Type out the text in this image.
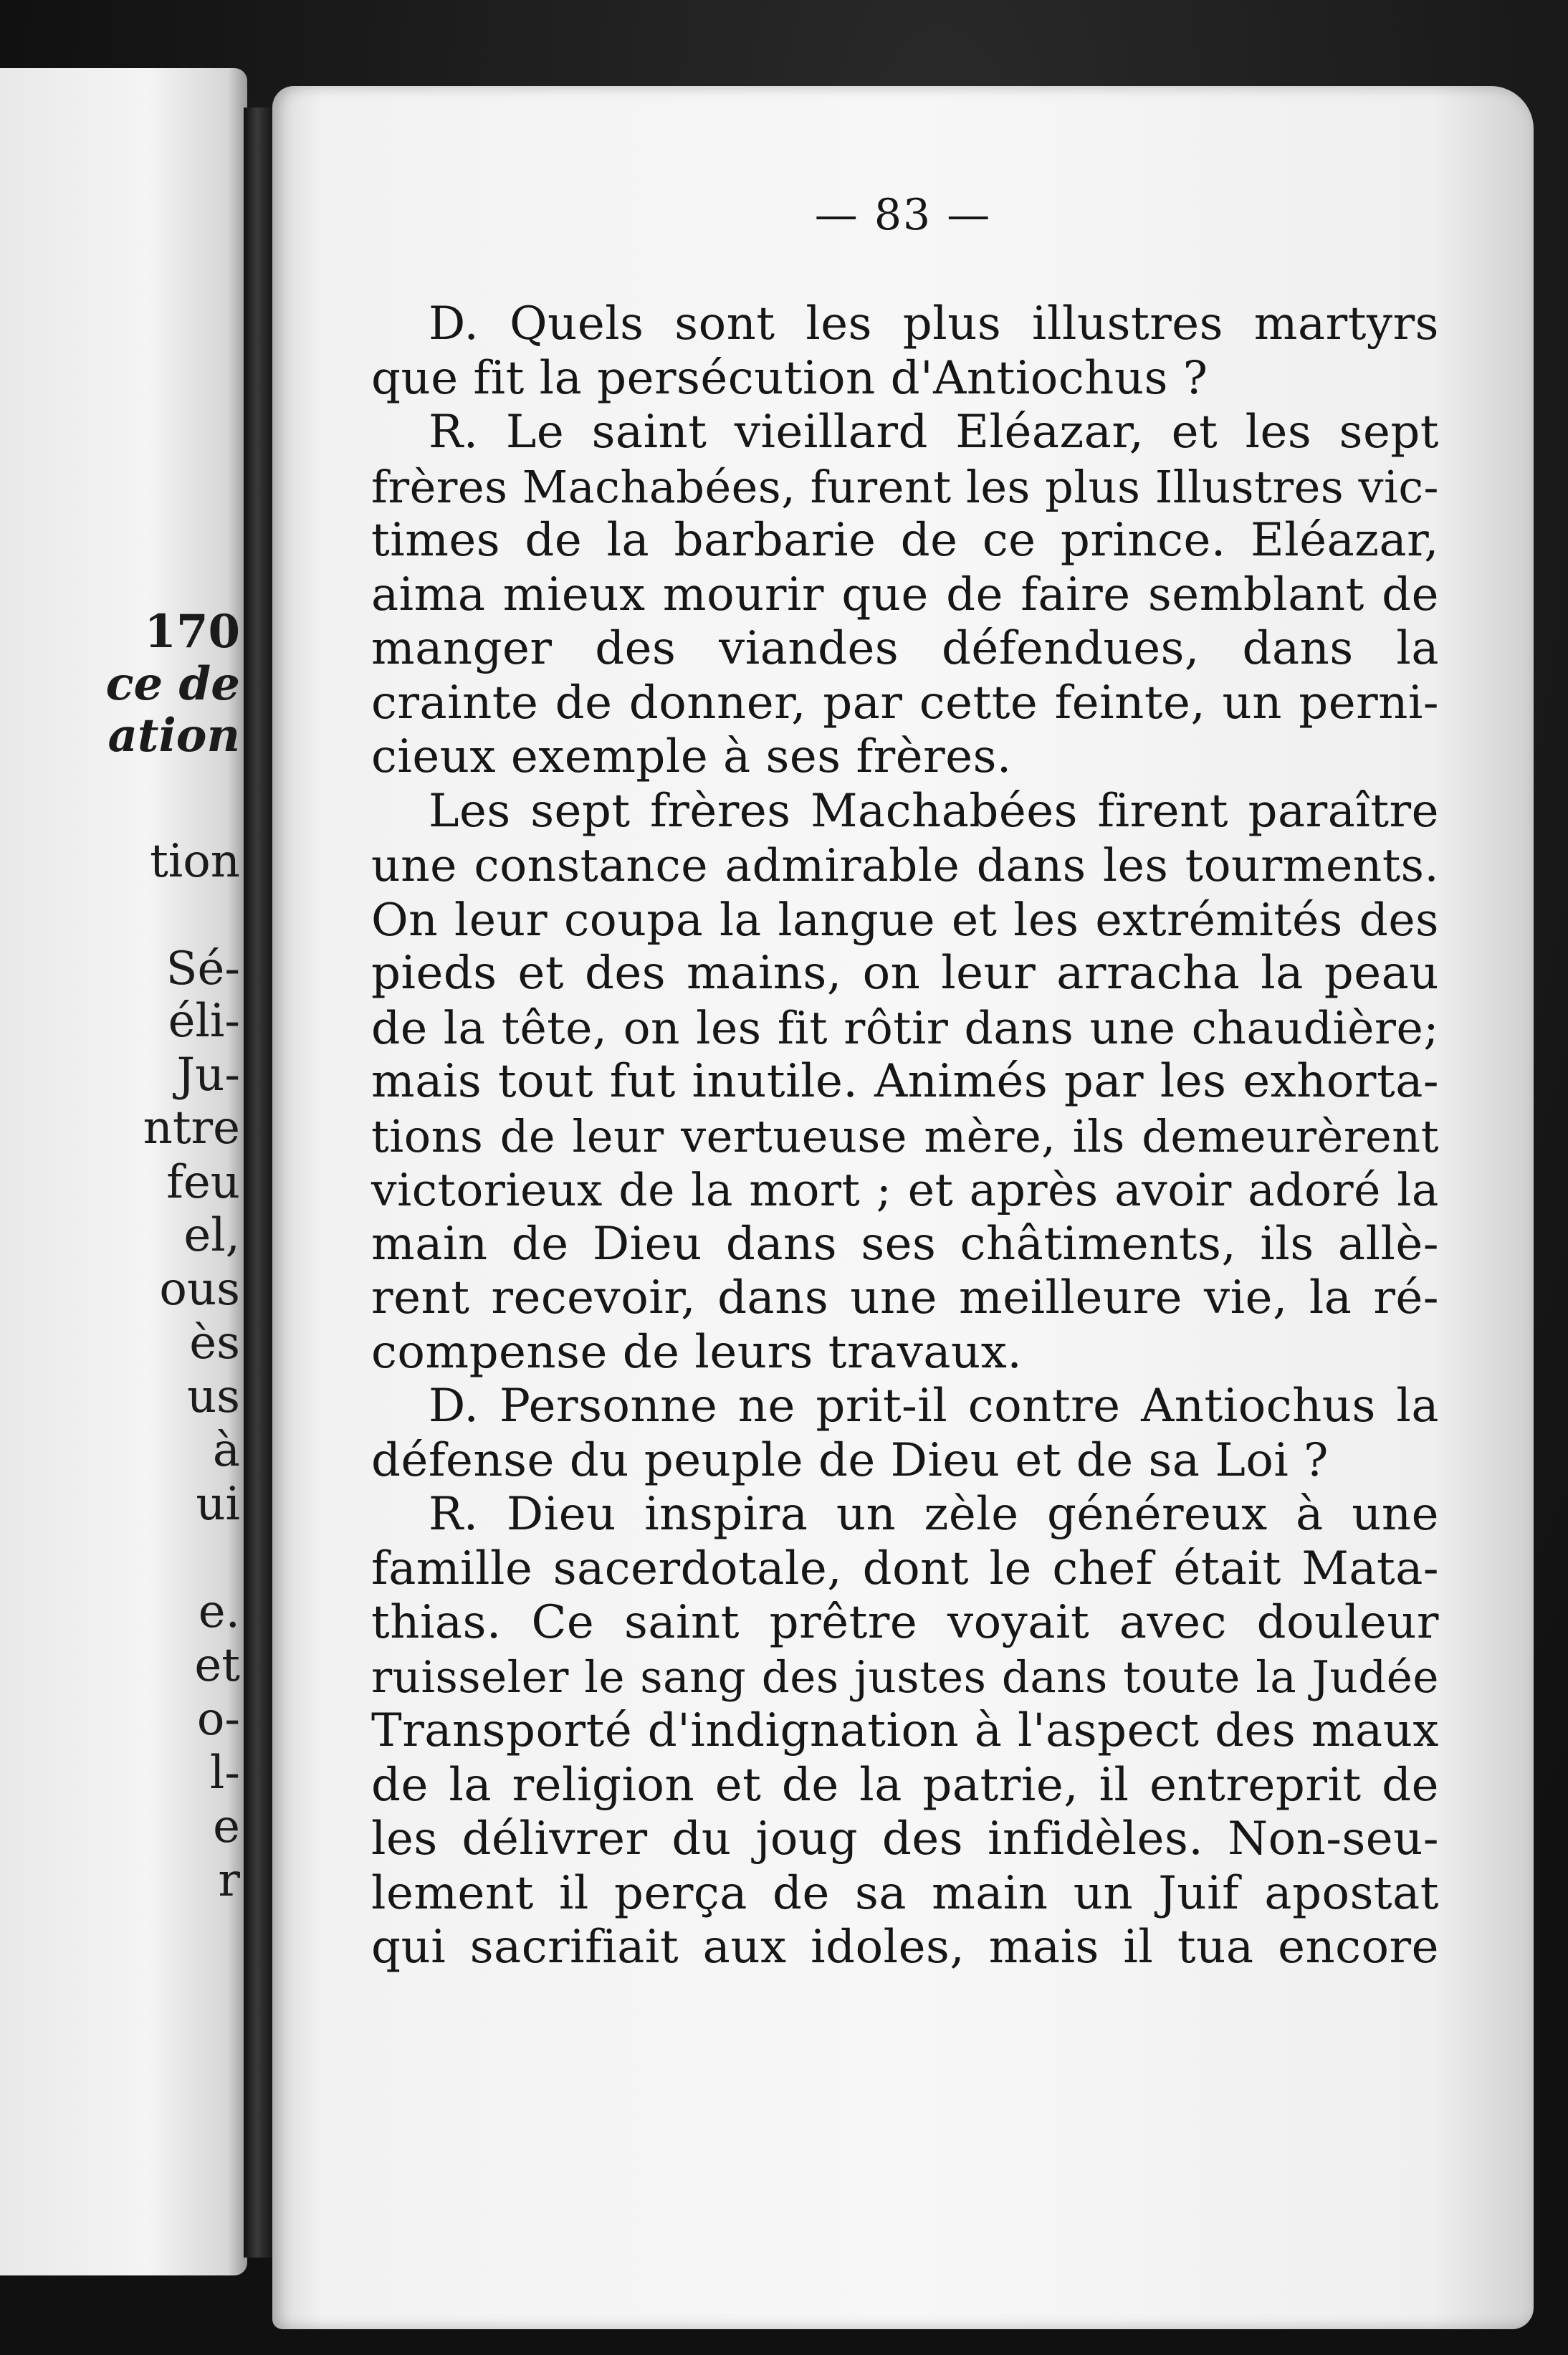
170
ce de
ation
tion
Sé-
éli-
Ju-
ntre
feu
el,
ous
ès
us
à
ui
e.
et
o-
l-
e
r
— 83 —
D. Quels sont les plus illustres martyrs
que fit la persécution d'Antiochus ?
R. Le saint vieillard Eléazar, et les sept
frères Machabées, furent les plus Illustres vic-
times de la barbarie de ce prince. Eléazar,
aima mieux mourir que de faire semblant de
manger des viandes défendues, dans la
crainte de donner, par cette feinte, un perni-
cieux exemple à ses frères.
Les sept frères Machabées firent paraître
une constance admirable dans les tourments.
On leur coupa la langue et les extrémités des
pieds et des mains, on leur arracha la peau
de la tête, on les fit rôtir dans une chaudière;
mais tout fut inutile. Animés par les exhorta-
tions de leur vertueuse mère, ils demeurèrent
victorieux de la mort ; et après avoir adoré la
main de Dieu dans ses châtiments, ils allè-
rent recevoir, dans une meilleure vie, la ré-
compense de leurs travaux.
D. Personne ne prit-il contre Antiochus la
défense du peuple de Dieu et de sa Loi ?
R. Dieu inspira un zèle généreux à une
famille sacerdotale, dont le chef était Mata-
thias. Ce saint prêtre voyait avec douleur
ruisseler le sang des justes dans toute la Judée
Transporté d'indignation à l'aspect des maux
de la religion et de la patrie, il entreprit de
les délivrer du joug des infidèles. Non-seu-
lement il perça de sa main un Juif apostat
qui sacrifiait aux idoles, mais il tua encore
